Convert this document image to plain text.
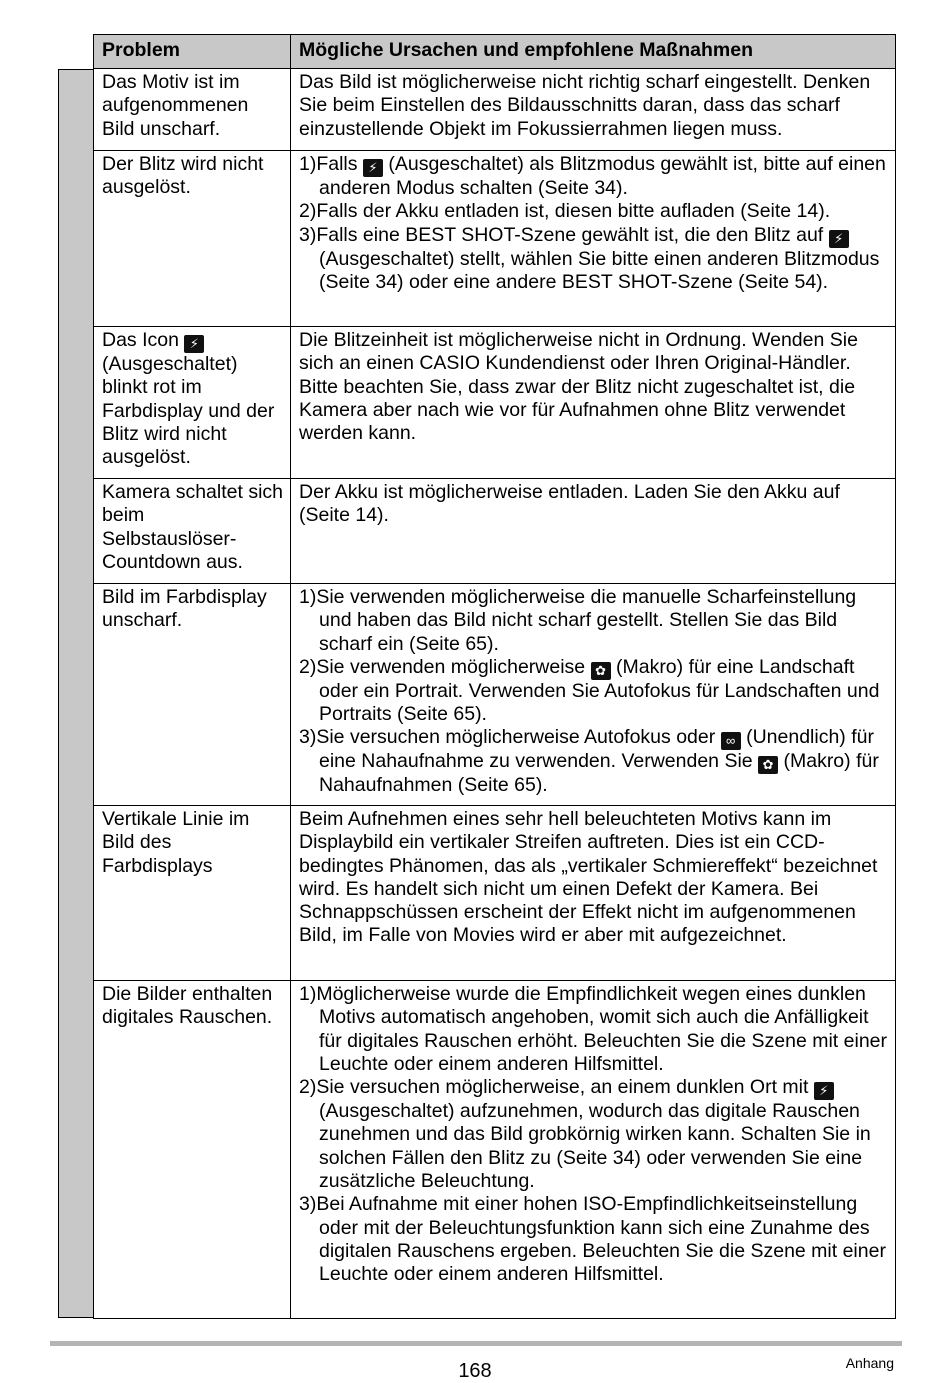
Problem	Mögliche Ursachen und empfohlene Maßnahmen
Das Motiv ist im aufgenommenen Bild unscharf.	Das Bild ist möglicherweise nicht richtig scharf eingestellt. Denken Sie beim Einstellen des Bildausschnitts daran, dass das scharf einzustellende Objekt im Fokussierrahmen liegen muss.
Der Blitz wird nicht ausgelöst.	1)Falls ⚡ (Ausgeschaltet) als Blitzmodus gewählt ist, bitte auf einen anderen Modus schalten (Seite 34).
2)Falls der Akku entladen ist, diesen bitte aufladen (Seite 14).
3)Falls eine BEST SHOT-Szene gewählt ist, die den Blitz auf ⚡ (Ausgeschaltet) stellt, wählen Sie bitte einen anderen Blitzmodus (Seite 34) oder eine andere BEST SHOT-Szene (Seite 54).

Das Icon ⚡ (Ausgeschaltet) blinkt rot im Farbdisplay und der Blitz wird nicht ausgelöst.	Die Blitzeinheit ist möglicherweise nicht in Ordnung. Wenden Sie sich an einen CASIO Kundendienst oder Ihren Original-Händler. Bitte beachten Sie, dass zwar der Blitz nicht zugeschaltet ist, die Kamera aber nach wie vor für Aufnahmen ohne Blitz verwendet werden kann.
Kamera schaltet sich beim Selbstauslöser-Countdown aus.	Der Akku ist möglicherweise entladen. Laden Sie den Akku auf (Seite 14).
Bild im Farbdisplay unscharf.	1)Sie verwenden möglicherweise die manuelle Scharfeinstellung und haben das Bild nicht scharf gestellt. Stellen Sie das Bild scharf ein (Seite 65).
2)Sie verwenden möglicherweise ✿ (Makro) für eine Landschaft oder ein Portrait. Verwenden Sie Autofokus für Landschaften und Portraits (Seite 65).
3)Sie versuchen möglicherweise Autofokus oder ∞ (Unendlich) für eine Nahaufnahme zu verwenden. Verwenden Sie ✿ (Makro) für Nahaufnahmen (Seite 65).

Vertikale Linie im Bild des Farbdisplays	Beim Aufnehmen eines sehr hell beleuchteten Motivs kann im Displaybild ein vertikaler Streifen auftreten. Dies ist ein CCD-bedingtes Phänomen, das als „vertikaler Schmiereffekt“ bezeichnet wird. Es handelt sich nicht um einen Defekt der Kamera. Bei Schnappschüssen erscheint der Effekt nicht im aufgenommenen Bild, im Falle von Movies wird er aber mit aufgezeichnet.
Die Bilder enthalten digitales Rauschen.	1)Möglicherweise wurde die Empfindlichkeit wegen eines dunklen Motivs automatisch angehoben, womit sich auch die Anfälligkeit für digitales Rauschen erhöht. Beleuchten Sie die Szene mit einer Leuchte oder einem anderen Hilfsmittel.
2)Sie versuchen möglicherweise, an einem dunklen Ort mit ⚡ (Ausgeschaltet) aufzunehmen, wodurch das digitale Rauschen zunehmen und das Bild grobkörnig wirken kann. Schalten Sie in solchen Fällen den Blitz zu (Seite 34) oder verwenden Sie eine zusätzliche Beleuchtung.
3)Bei Aufnahme mit einer hohen ISO-Empfindlichkeitseinstellung oder mit der Beleuchtungsfunktion kann sich eine Zunahme des digitalen Rauschens ergeben. Beleuchten Sie die Szene mit einer Leuchte oder einem anderen Hilfsmittel.
168	Anhang
